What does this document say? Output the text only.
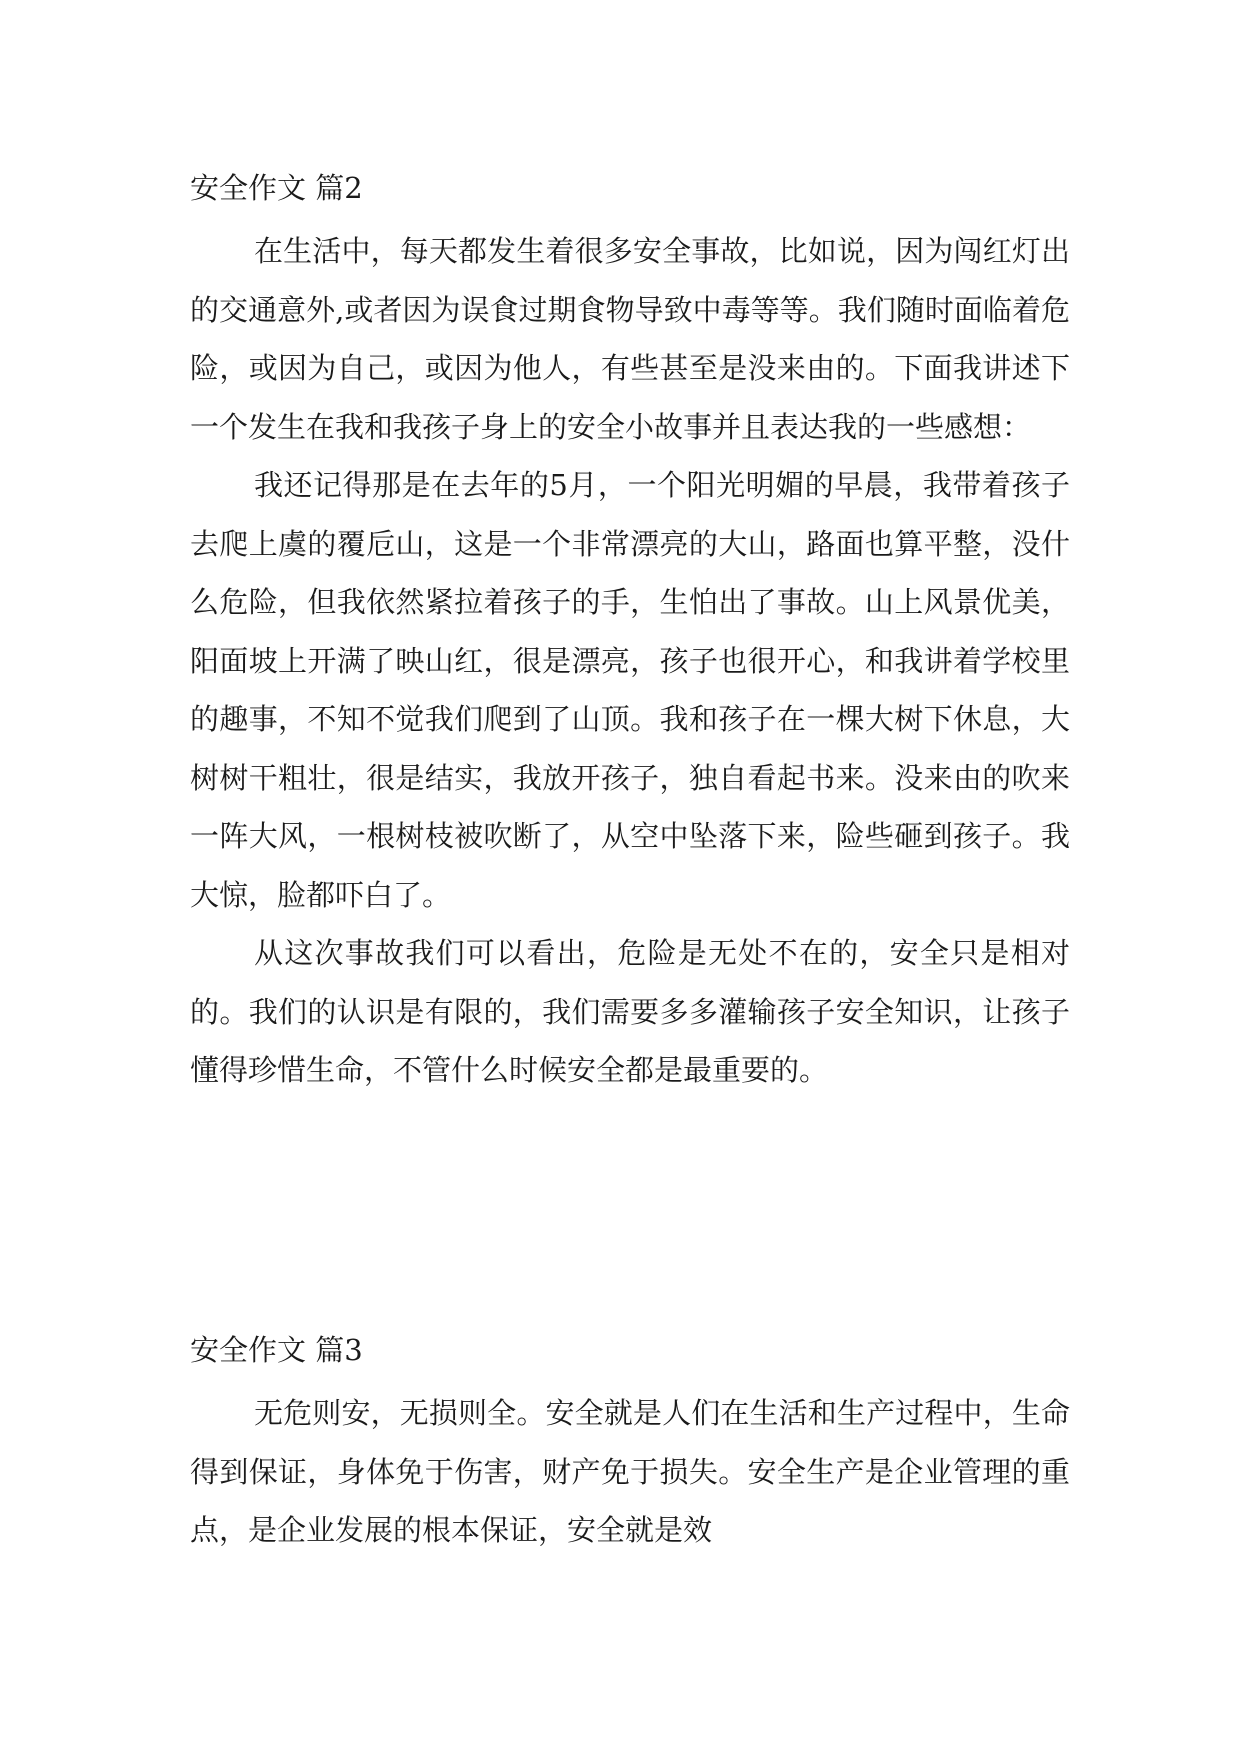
安全作文 篇2

在生活中，每天都发生着很多安全事故，比如说，因为闯红灯出的交通意外,或者因为误食过期食物导致中毒等等。我们随时面临着危险，或因为自己，或因为他人，有些甚至是没来由的。下面我讲述下一个发生在我和我孩子身上的安全小故事并且表达我的一些感想：

我还记得那是在去年的5月，一个阳光明媚的早晨，我带着孩子去爬上虞的覆卮山，这是一个非常漂亮的大山，路面也算平整，没什么危险，但我依然紧拉着孩子的手，生怕出了事故。山上风景优美，阳面坡上开满了映山红，很是漂亮，孩子也很开心，和我讲着学校里的趣事，不知不觉我们爬到了山顶。我和孩子在一棵大树下休息，大树树干粗壮，很是结实，我放开孩子，独自看起书来。没来由的吹来一阵大风，一根树枝被吹断了，从空中坠落下来，险些砸到孩子。我大惊，脸都吓白了。

从这次事故我们可以看出，危险是无处不在的，安全只是相对的。我们的认识是有限的，我们需要多多灌输孩子安全知识，让孩子懂得珍惜生命，不管什么时候安全都是最重要的。

安全作文 篇3

无危则安，无损则全。安全就是人们在生活和生产过程中，生命得到保证，身体免于伤害，财产免于损失。安全生产是企业管理的重点，是企业发展的根本保证，安全就是效
